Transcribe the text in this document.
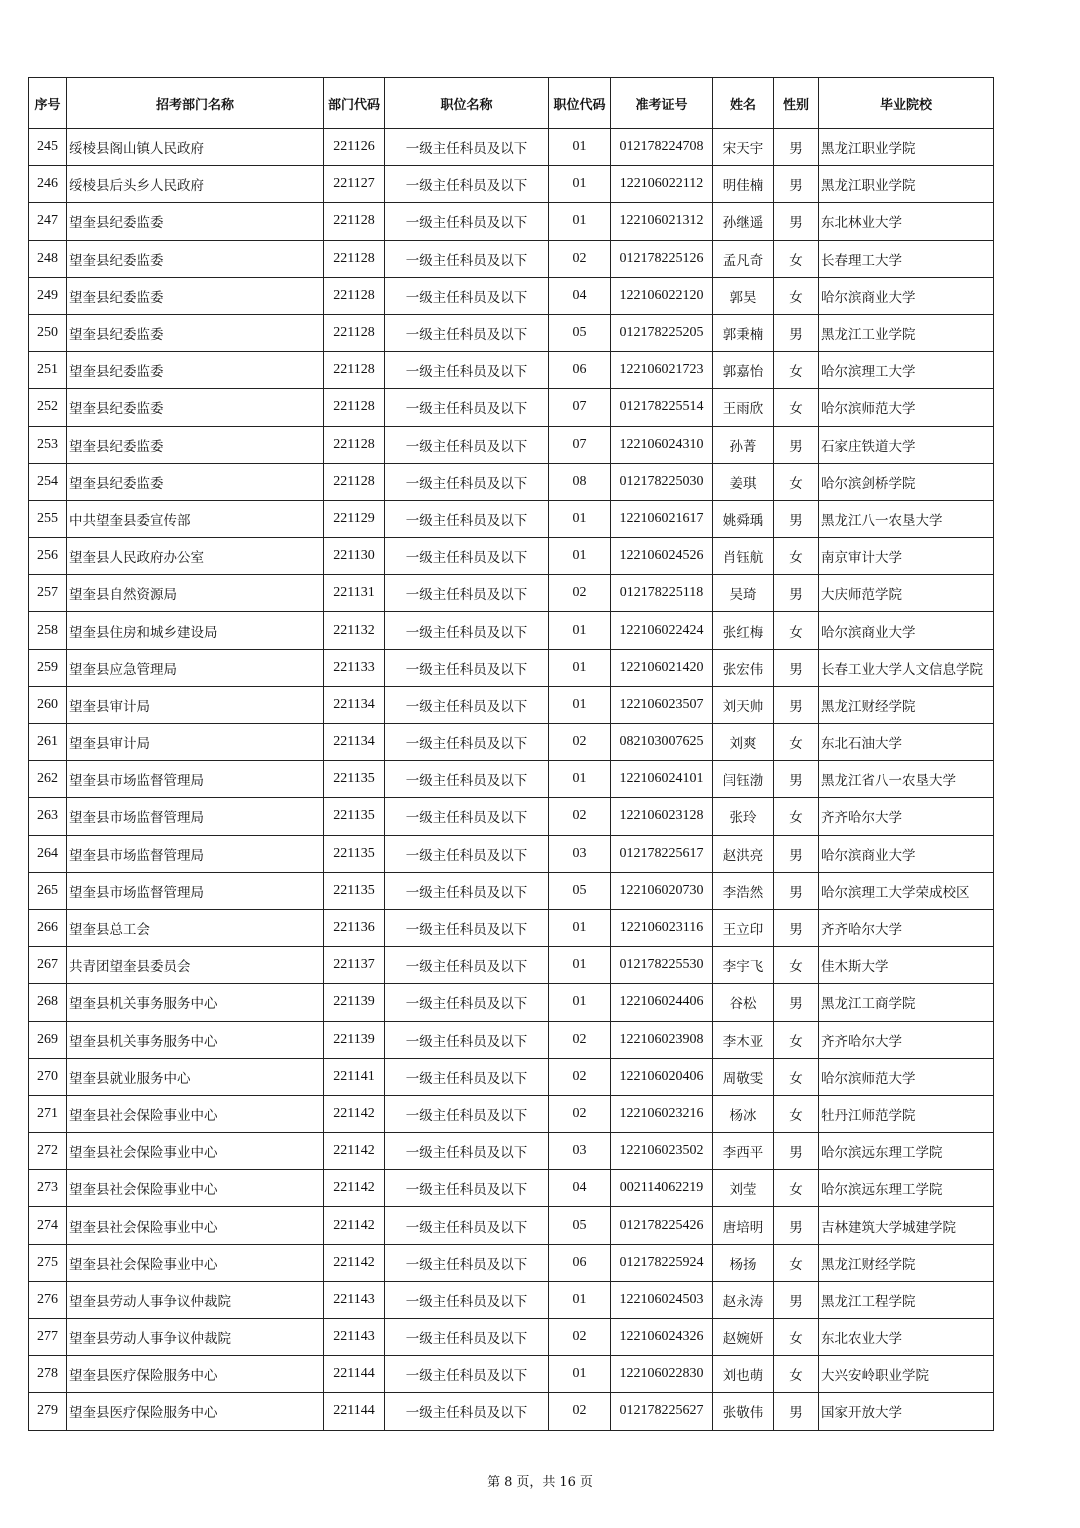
序号	招考部门名称	部门代码	职位名称	职位代码	准考证号	姓名	性别	毕业院校
245	绥棱县阁山镇人民政府	221126	一级主任科员及以下	01	012178224708	宋天宇	男	黑龙江职业学院
246	绥棱县后头乡人民政府	221127	一级主任科员及以下	01	122106022112	明佳楠	男	黑龙江职业学院
247	望奎县纪委监委	221128	一级主任科员及以下	01	122106021312	孙继遥	男	东北林业大学
248	望奎县纪委监委	221128	一级主任科员及以下	02	012178225126	孟凡奇	女	长春理工大学
249	望奎县纪委监委	221128	一级主任科员及以下	04	122106022120	郭昊	女	哈尔滨商业大学
250	望奎县纪委监委	221128	一级主任科员及以下	05	012178225205	郭秉楠	男	黑龙江工业学院
251	望奎县纪委监委	221128	一级主任科员及以下	06	122106021723	郭嘉怡	女	哈尔滨理工大学
252	望奎县纪委监委	221128	一级主任科员及以下	07	012178225514	王雨欣	女	哈尔滨师范大学
253	望奎县纪委监委	221128	一级主任科员及以下	07	122106024310	孙菁	男	石家庄铁道大学
254	望奎县纪委监委	221128	一级主任科员及以下	08	012178225030	姜琪	女	哈尔滨剑桥学院
255	中共望奎县委宣传部	221129	一级主任科员及以下	01	122106021617	姚舜瑀	男	黑龙江八一农垦大学
256	望奎县人民政府办公室	221130	一级主任科员及以下	01	122106024526	肖钰航	女	南京审计大学
257	望奎县自然资源局	221131	一级主任科员及以下	02	012178225118	吴琦	男	大庆师范学院
258	望奎县住房和城乡建设局	221132	一级主任科员及以下	01	122106022424	张红梅	女	哈尔滨商业大学
259	望奎县应急管理局	221133	一级主任科员及以下	01	122106021420	张宏伟	男	长春工业大学人文信息学院
260	望奎县审计局	221134	一级主任科员及以下	01	122106023507	刘天帅	男	黑龙江财经学院
261	望奎县审计局	221134	一级主任科员及以下	02	082103007625	刘爽	女	东北石油大学
262	望奎县市场监督管理局	221135	一级主任科员及以下	01	122106024101	闫钰渤	男	黑龙江省八一农垦大学
263	望奎县市场监督管理局	221135	一级主任科员及以下	02	122106023128	张玲	女	齐齐哈尔大学
264	望奎县市场监督管理局	221135	一级主任科员及以下	03	012178225617	赵洪亮	男	哈尔滨商业大学
265	望奎县市场监督管理局	221135	一级主任科员及以下	05	122106020730	李浩然	男	哈尔滨理工大学荣成校区
266	望奎县总工会	221136	一级主任科员及以下	01	122106023116	王立印	男	齐齐哈尔大学
267	共青团望奎县委员会	221137	一级主任科员及以下	01	012178225530	李宇飞	女	佳木斯大学
268	望奎县机关事务服务中心	221139	一级主任科员及以下	01	122106024406	谷松	男	黑龙江工商学院
269	望奎县机关事务服务中心	221139	一级主任科员及以下	02	122106023908	李木亚	女	齐齐哈尔大学
270	望奎县就业服务中心	221141	一级主任科员及以下	02	122106020406	周敬雯	女	哈尔滨师范大学
271	望奎县社会保险事业中心	221142	一级主任科员及以下	02	122106023216	杨冰	女	牡丹江师范学院
272	望奎县社会保险事业中心	221142	一级主任科员及以下	03	122106023502	李西平	男	哈尔滨远东理工学院
273	望奎县社会保险事业中心	221142	一级主任科员及以下	04	002114062219	刘莹	女	哈尔滨远东理工学院
274	望奎县社会保险事业中心	221142	一级主任科员及以下	05	012178225426	唐培明	男	吉林建筑大学城建学院
275	望奎县社会保险事业中心	221142	一级主任科员及以下	06	012178225924	杨扬	女	黑龙江财经学院
276	望奎县劳动人事争议仲裁院	221143	一级主任科员及以下	01	122106024503	赵永涛	男	黑龙江工程学院
277	望奎县劳动人事争议仲裁院	221143	一级主任科员及以下	02	122106024326	赵婉妍	女	东北农业大学
278	望奎县医疗保险服务中心	221144	一级主任科员及以下	01	122106022830	刘也萌	女	大兴安岭职业学院
279	望奎县医疗保险服务中心	221144	一级主任科员及以下	02	012178225627	张敬伟	男	国家开放大学
第 8 页，共 16 页
